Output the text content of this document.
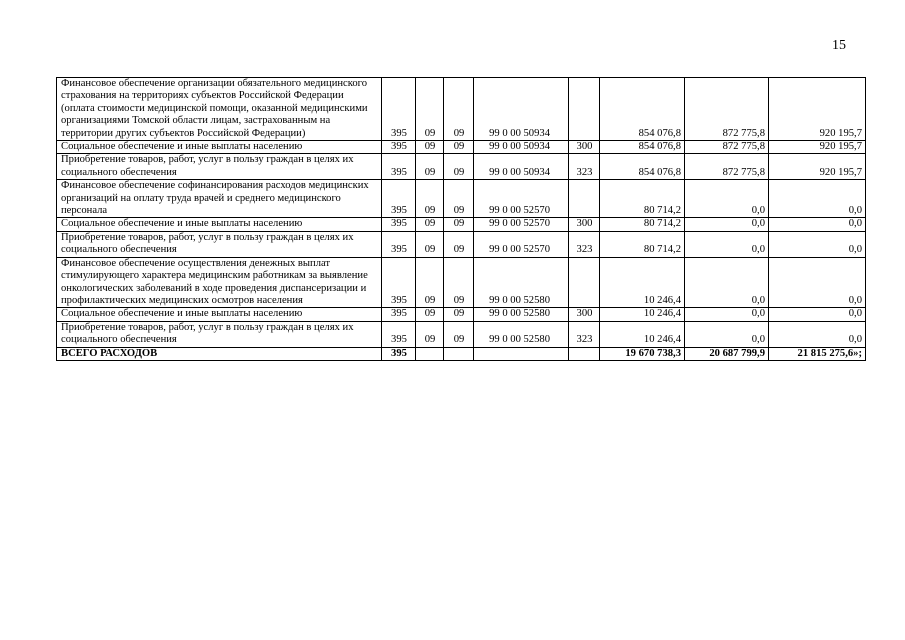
15
Финансовое обеспечение организации обязательного медицинского страхования на территориях субъектов Российской Федерации (оплата стоимости медицинской помощи, оказанной медицинскими организациями Томской области лицам, застрахованным на территории других субъектов Российской Федерации)	395	09	09	99 0 00 50934		854 076,8	872 775,8	920 195,7
Социальное обеспечение и иные выплаты населению	395	09	09	99 0 00 50934	300	854 076,8	872 775,8	920 195,7
Приобретение товаров, работ, услуг в пользу граждан в целях их социального обеспечения	395	09	09	99 0 00 50934	323	854 076,8	872 775,8	920 195,7
Финансовое обеспечение софинансирования расходов медицинских организаций на оплату труда врачей и среднего медицинского персонала	395	09	09	99 0 00 52570		80 714,2	0,0	0,0
Социальное обеспечение и иные выплаты населению	395	09	09	99 0 00 52570	300	80 714,2	0,0	0,0
Приобретение товаров, работ, услуг в пользу граждан в целях их социального обеспечения	395	09	09	99 0 00 52570	323	80 714,2	0,0	0,0
Финансовое обеспечение осуществления денежных выплат стимулирующего характера медицинским работникам за выявление онкологических заболеваний в ходе проведения диспансеризации и профилактических медицинских осмотров населения	395	09	09	99 0 00 52580		10 246,4	0,0	0,0
Социальное обеспечение и иные выплаты населению	395	09	09	99 0 00 52580	300	10 246,4	0,0	0,0
Приобретение товаров, работ, услуг в пользу граждан в целях их социального обеспечения	395	09	09	99 0 00 52580	323	10 246,4	0,0	0,0
ВСЕГО РАСХОДОВ	395					19 670 738,3	20 687 799,9	21 815 275,6»;
